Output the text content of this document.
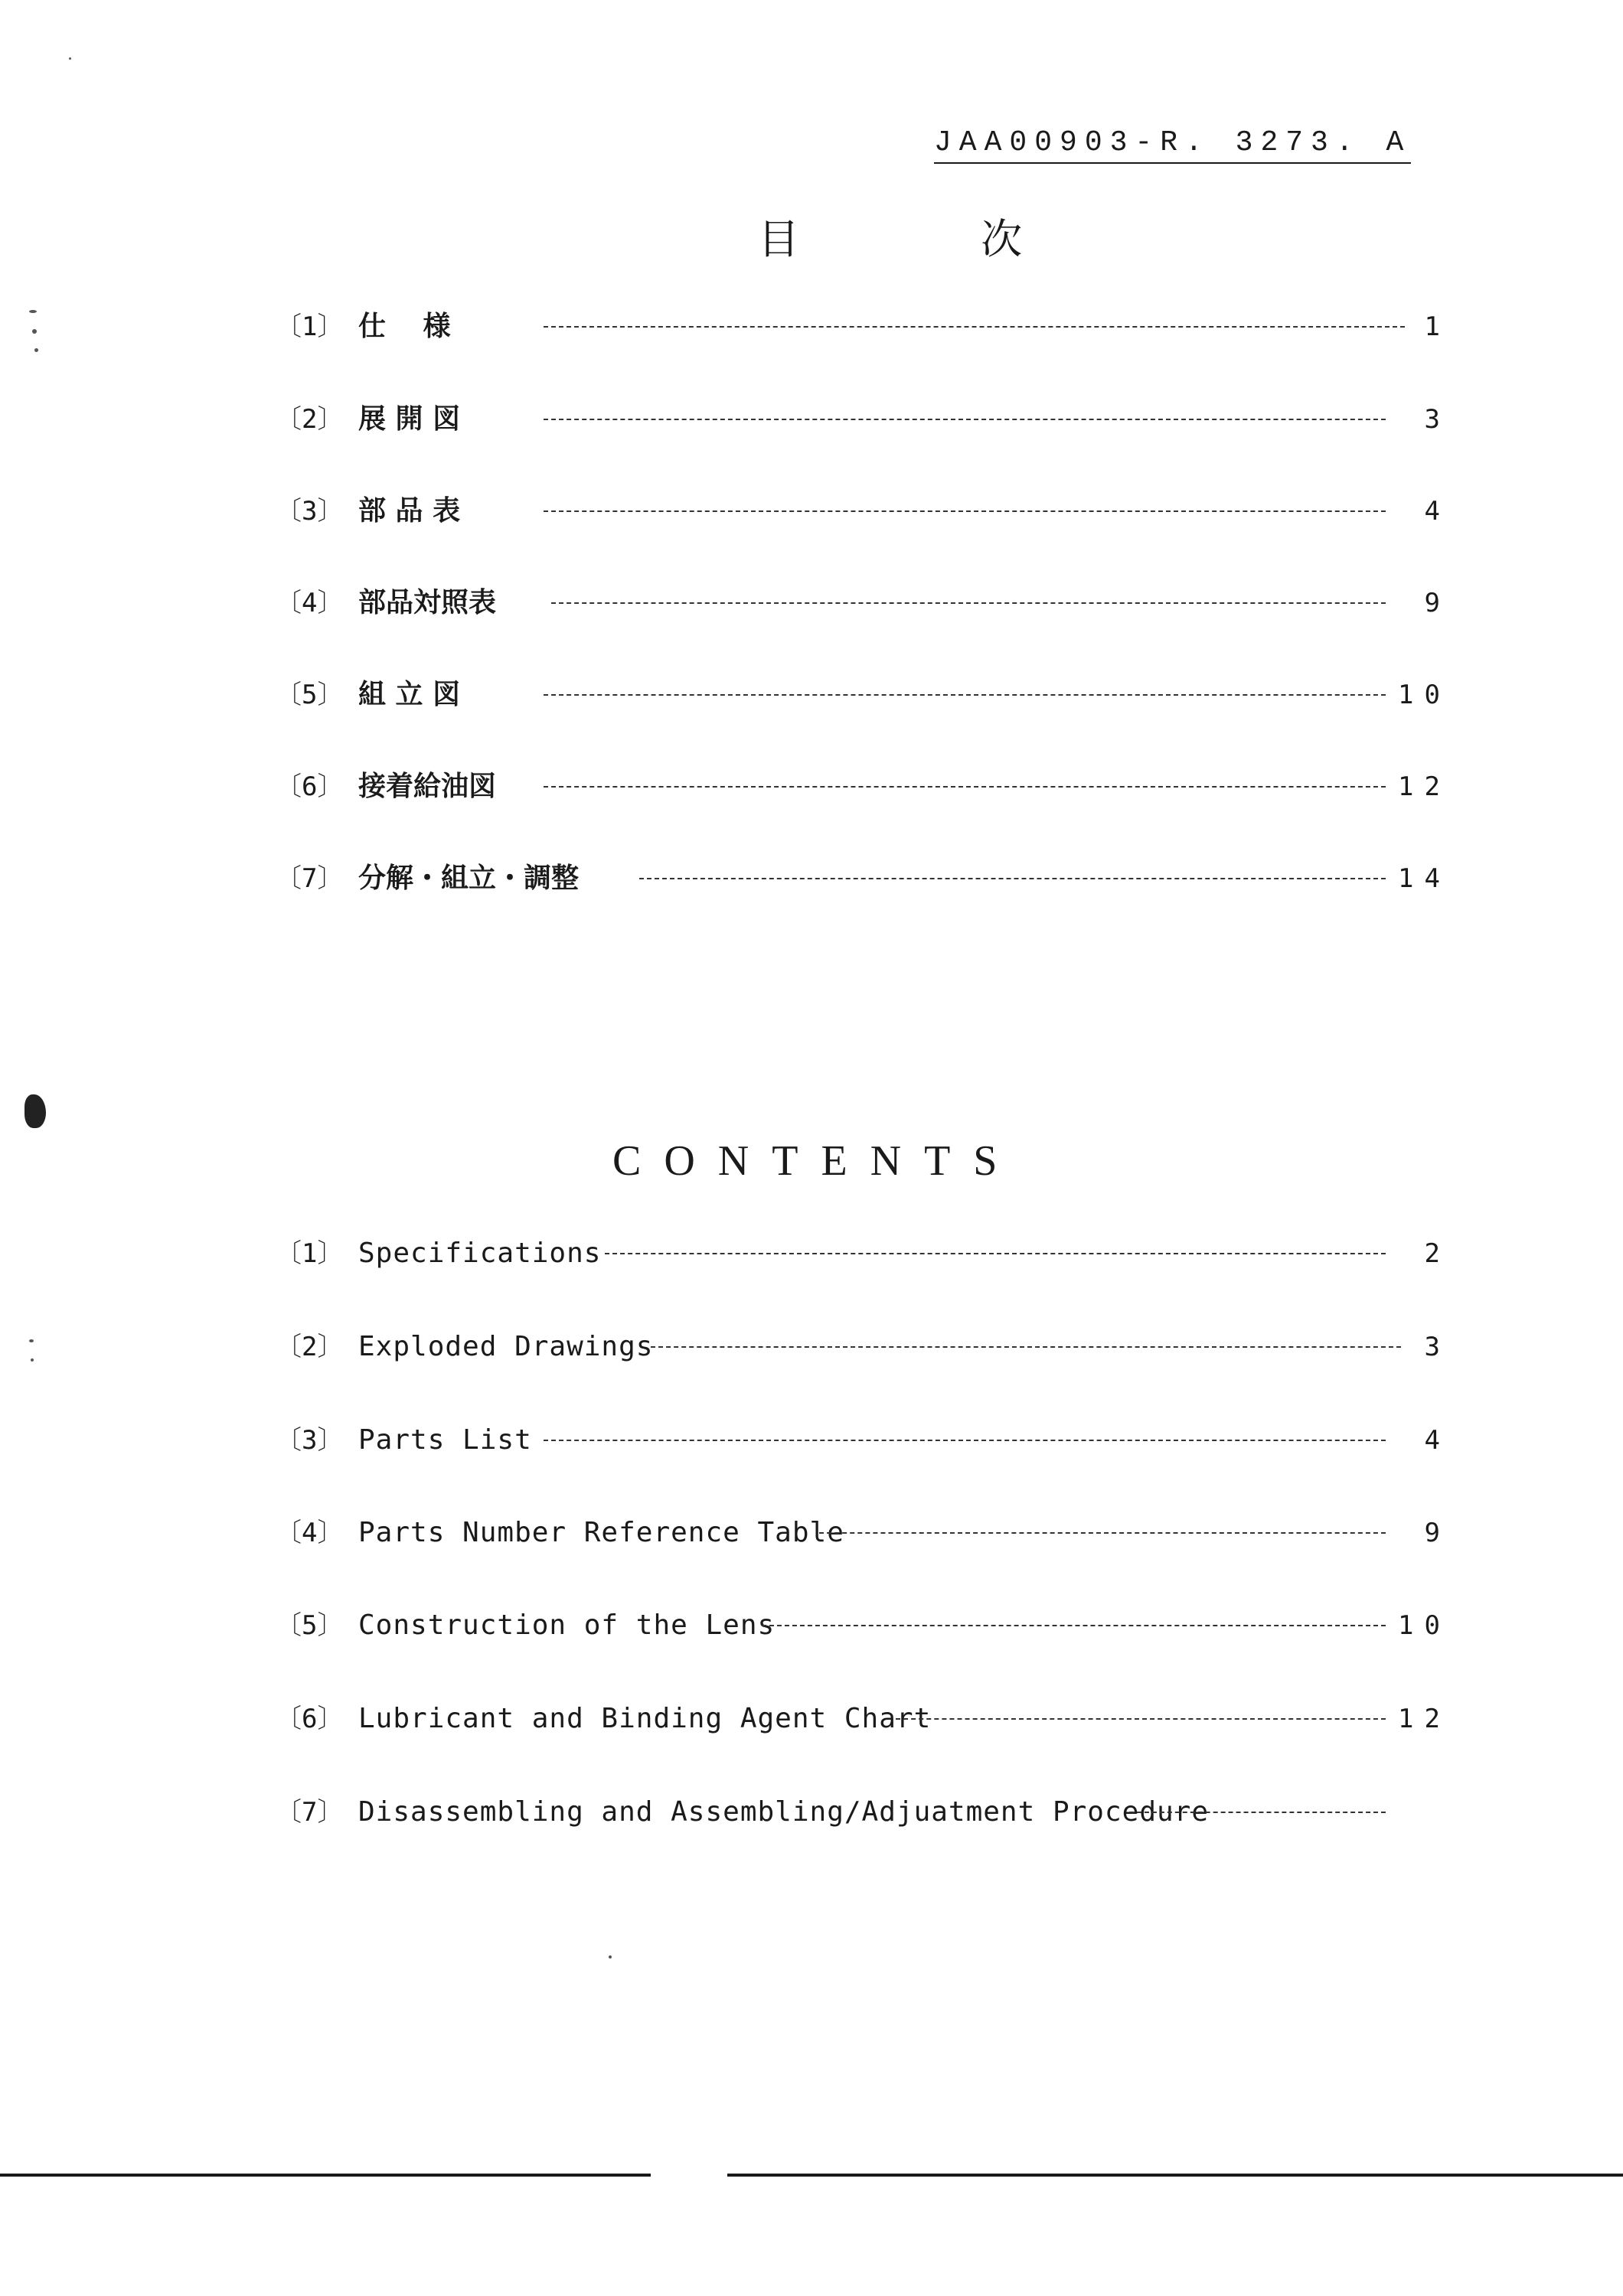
JAA00903-R. 3273. A
目 次
〔1〕 仕　 様	1
〔2〕 展 開 図	3
〔3〕 部 品 表	4
〔4〕 部品対照表	9
〔5〕 組 立 図	10
〔6〕 接着給油図	12
〔7〕 分解・組立・調整	14
CONTENTS
〔1〕 Specifications	2
〔2〕 Exploded Drawings	3
〔3〕 Parts List	4
〔4〕 Parts Number Reference Table	9
〔5〕 Construction of the Lens	10
〔6〕 Lubricant and Binding Agent Chart	12
〔7〕 Disassembling and Assembling/Adjuatment Procedure
